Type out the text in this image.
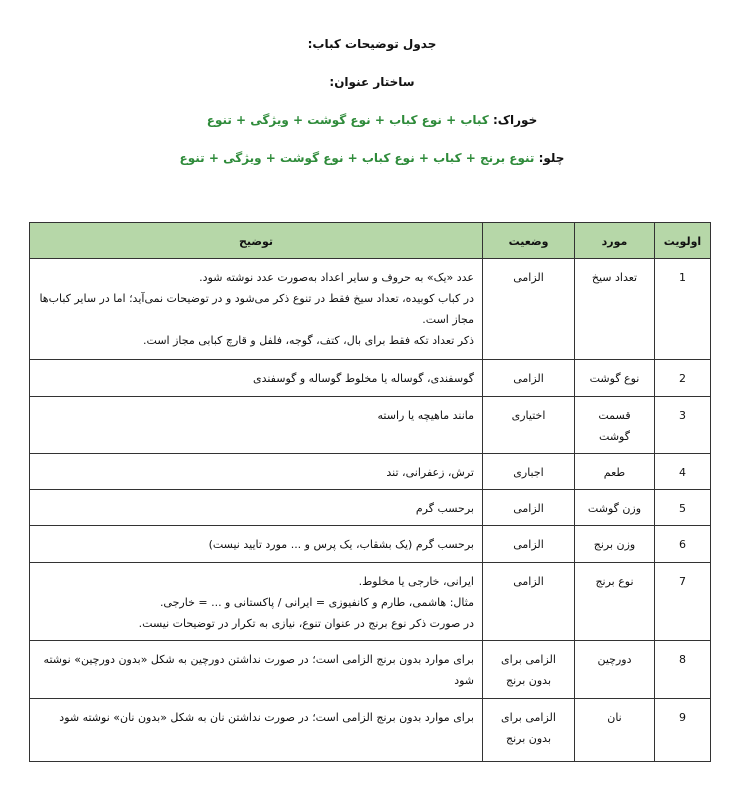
جدول توضیحات کباب:
ساختار عنوان:
خوراک: کباب + نوع کباب + نوع گوشت + ویژگی + تنوع
چلو: تنوع برنج + کباب + نوع کباب + نوع گوشت + ویژگی + تنوع
اولویت	مورد	وضعیت	توضیح
1	تعداد سیخ	الزامی	عدد «یک» به حروف و سایر اعداد به‌صورت عدد نوشته شود.
در کباب کوبیده، تعداد سیخ فقط در تنوع ذکر می‌شود و در توضیحات نمی‌آید؛ اما در سایر کباب‌ها مجاز است.
ذکر تعداد تکه فقط برای بال، کتف، گوجه، فلفل و قارچ کبابی مجاز است.

2	نوع گوشت	الزامی	گوسفندی، گوساله یا مخلوط گوساله و گوسفندی

3	قسمت گوشت	اختیاری	مانند ماهیچه یا راسته

4	طعم	اجباری	ترش، زعفرانی، تند

5	وزن گوشت	الزامی	برحسب گرم

6	وزن برنج	الزامی	برحسب گرم (یک بشقاب، یک پرس و ... مورد تایید نیست)

7	نوع برنج	الزامی	ایرانی، خارجی یا مخلوط.
مثال: هاشمی، طارم و کانفیوزی = ایرانی / پاکستانی و ... = خارجی.
در صورت ذکر نوع برنج در عنوان تنوع، نیازی به تکرار در توضیحات نیست.

8	دورچین	الزامی برای بدون برنج	برای موارد بدون برنج الزامی است؛ در صورت نداشتن دورچین به شکل «بدون دورچین» نوشته شود

9	نان	الزامی برای بدون برنج	برای موارد بدون برنج الزامی است؛ در صورت نداشتن نان به شکل «بدون نان» نوشته شود
